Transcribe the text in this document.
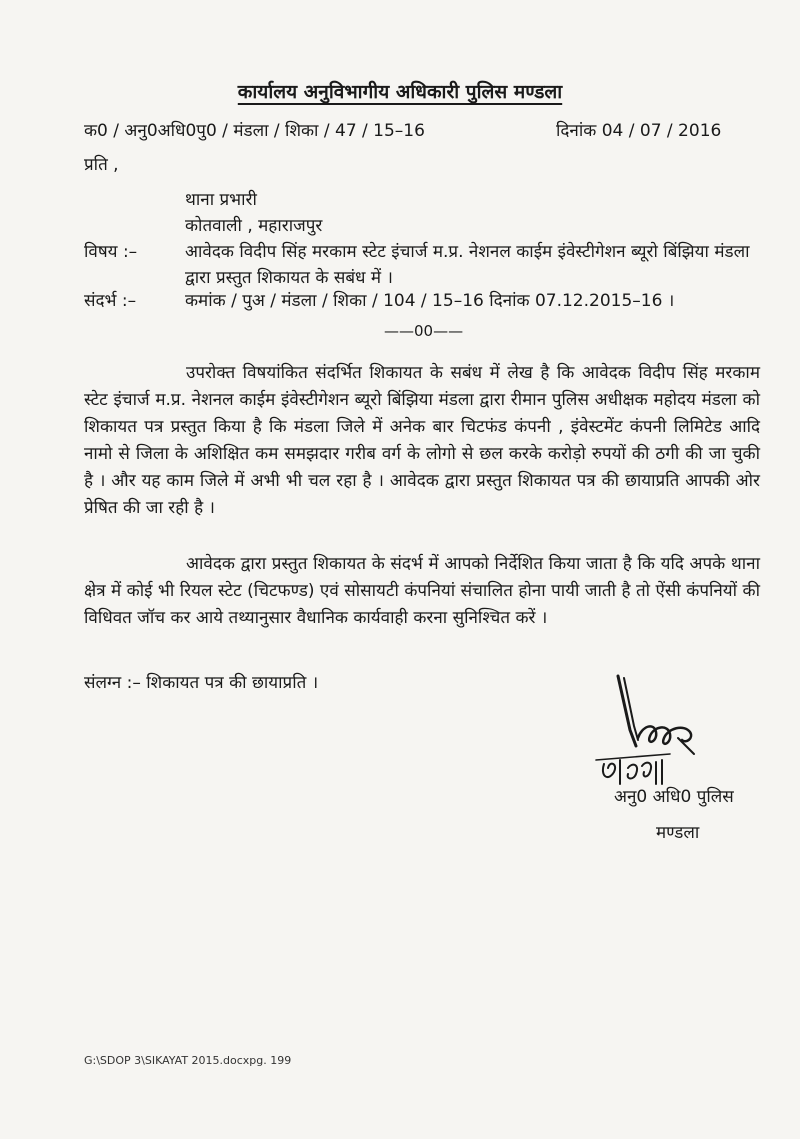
कार्यालय अनुविभागीय अधिकारी पुलिस मण्डला
क0 / अनु0अधि0पु0 / मंडला / शिका / 47 / 15–16	दिनांक 04 / 07 / 2016
प्रति ,
थाना प्रभारी
कोतवाली , महाराजपुर
विषय :–	आवेदक विदीप सिंह मरकाम स्टेट इंचार्ज म.प्र. नेशनल काईम इंवेस्टीगेशन ब्यूरो बिंझिया मंडला द्वारा प्रस्तुत शिकायत के सबंध में ।
संदर्भ :–	कमांक / पुअ / मंडला / शिका / 104 / 15–16 दिनांक 07.12.2015–16 ।
——00——
उपरोक्त विषयांकित संदर्भित शिकायत के सबंध में लेख है कि आवेदक विदीप सिंह मरकाम स्टेट इंचार्ज म.प्र. नेशनल काईम इंवेस्टीगेशन ब्यूरो बिंझिया मंडला द्वारा रीमान पुलिस अधीक्षक महोदय मंडला को शिकायत पत्र प्रस्तुत किया है कि मंडला जिले में अनेक बार चिटफंड कंपनी , इंवेस्टमेंट कंपनी लिमिटेड आदि नामो से जिला के अशिक्षित कम समझदार गरीब वर्ग के लोगो से छल करके करोड़ो रुपयों की ठगी की जा चुकी है । और यह काम जिले में अभी भी चल रहा है । आवेदक द्वारा प्रस्तुत शिकायत पत्र की छायाप्रति आपकी ओर प्रेषित की जा रही है ।
आवेदक द्वारा प्रस्तुत शिकायत के संदर्भ में आपको निर्देशित किया जाता है कि यदि अपके थाना क्षेत्र में कोई भी रियल स्टेट (चिटफण्ड) एवं सोसायटी कंपनियां संचालित होना पायी जाती है तो ऐंसी कंपनियों की विधिवत जॉच कर आये तथ्यानुसार वैधानिक कार्यवाही करना सुनिश्चित करें ।
संलग्न :– शिकायत पत्र की छायाप्रति ।
अनु0 अधि0 पुलिस
मण्डला
G:\SDOP 3\SIKAYAT 2015.docxpg. 199
